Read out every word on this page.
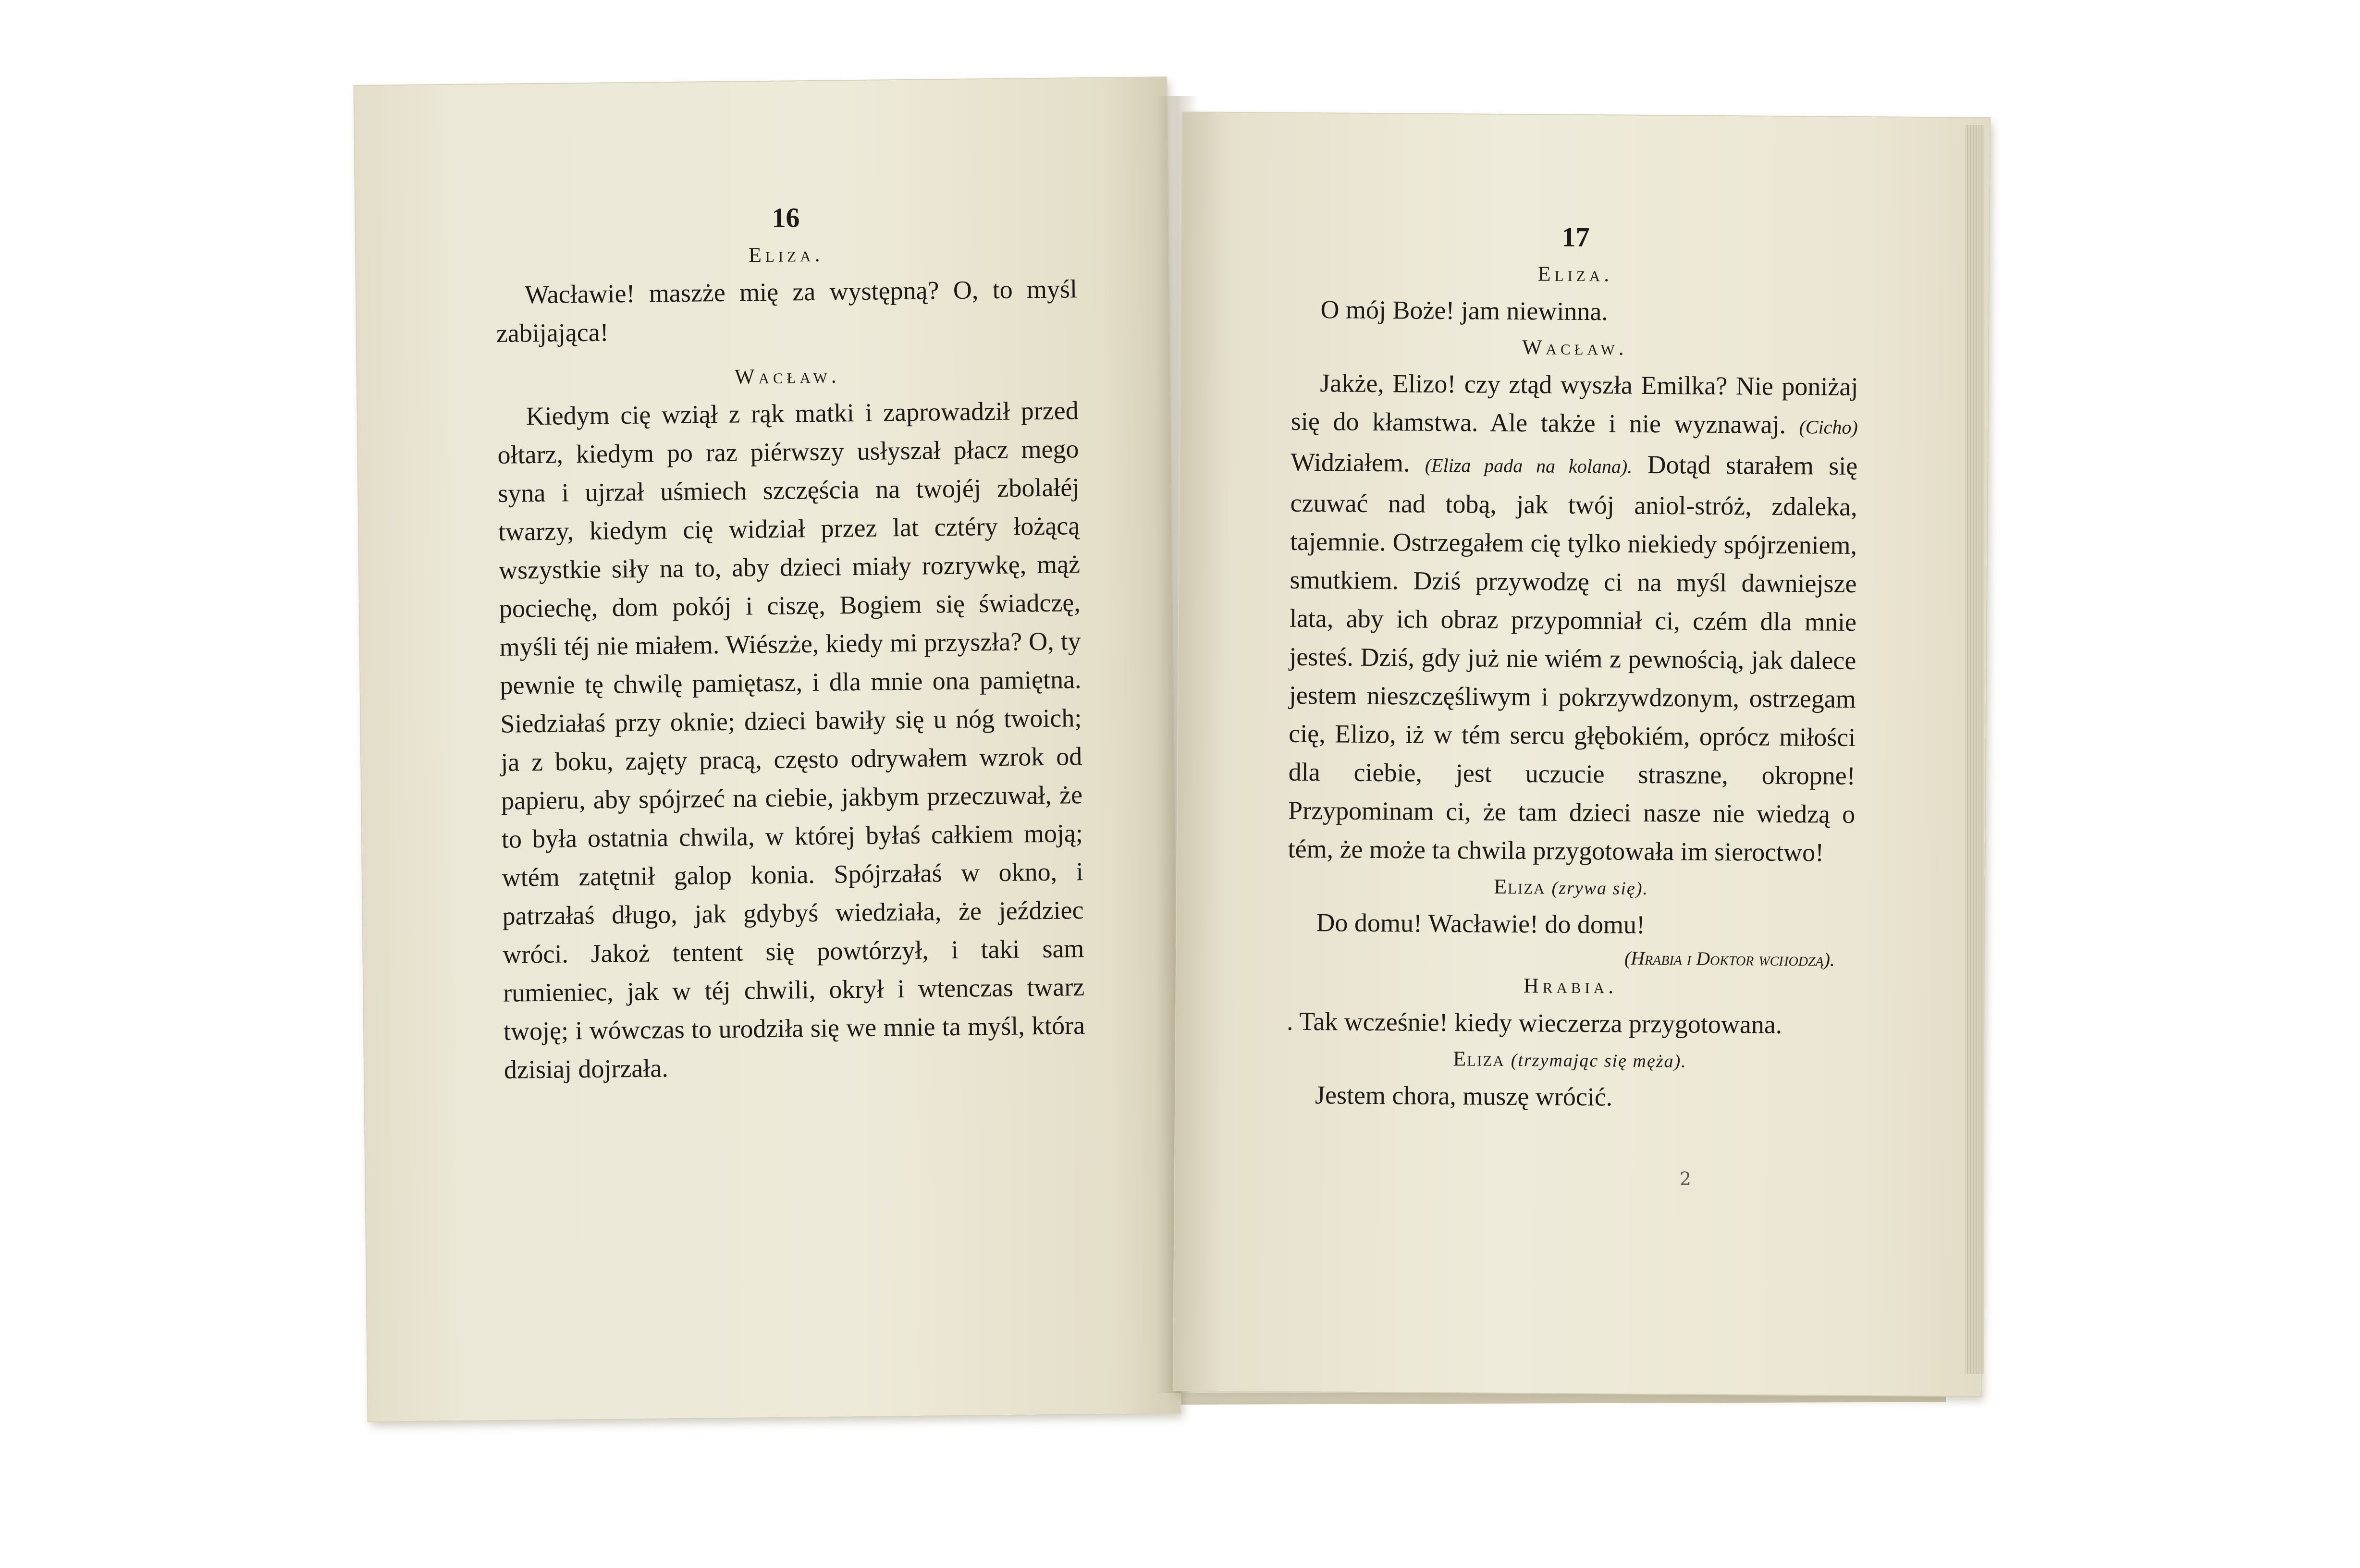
16
Eliza.

Wacławie! maszże mię za występną? O, to myśl zabijająca!

Wacław.

Kiedym cię wziął z rąk matki i zaprowadził przed ołtarz, kiedym po raz piérwszy usłyszał płacz mego syna i ujrzał uśmiech szczęścia na twojéj zbolałéj twarzy, kiedym cię widział przez lat cztéry łożącą wszystkie siły na to, aby dzieci miały rozrywkę, mąż pociechę, dom pokój i ciszę, Bogiem się świadczę, myśli téj nie miałem. Wiészże, kiedy mi przyszła? O, ty pewnie tę chwilę pamiętasz, i dla mnie ona pamiętna. Siedziałaś przy oknie; dzieci bawiły się u nóg twoich; ja z boku, zajęty pracą, często odrywałem wzrok od papieru, aby spójrzeć na ciebie, jakbym przeczuwał, że to była ostatnia chwila, w której byłaś całkiem moją; wtém zatętnił galop konia. Spójrzałaś w okno, i patrzałaś długo, jak gdybyś wiedziała, że jeździec wróci. Jakoż tentent się powtórzył, i taki sam rumieniec, jak w téj chwili, okrył i wtenczas twarz twoję; i wówczas to urodziła się we mnie ta myśl, która dzisiaj dojrzała.

17
Eliza.

O mój Boże! jam niewinna.

Wacław.

Jakże, Elizo! czy ztąd wyszła Emilka? Nie poniżaj się do kłamstwa. Ale także i nie wyznawaj. (Cicho) Widziałem. (Eliza pada na kolana). Dotąd starałem się czuwać nad tobą, jak twój aniol-stróż, zdaleka, tajemnie. Ostrzegałem cię tylko niekiedy spójrzeniem, smutkiem. Dziś przywodzę ci na myśl dawniejsze lata, aby ich obraz przypomniał ci, czém dla mnie jesteś. Dziś, gdy już nie wiém z pewnością, jak dalece jestem nieszczęśliwym i pokrzywdzonym, ostrzegam cię, Elizo, iż w tém sercu głębokiém, oprócz miłości dla ciebie, jest uczucie straszne, okropne! Przypominam ci, że tam dzieci nasze nie wiedzą o tém, że może ta chwila przygotowała im sieroctwo!

Eliza (zrywa się).

Do domu! Wacławie! do domu!

(Hrabia i Doktor wchodzą).
Hrabia.

. Tak wcześnie! kiedy wieczerza przygotowana.

Eliza (trzymając się męża).

Jestem chora, muszę wrócić.

2
